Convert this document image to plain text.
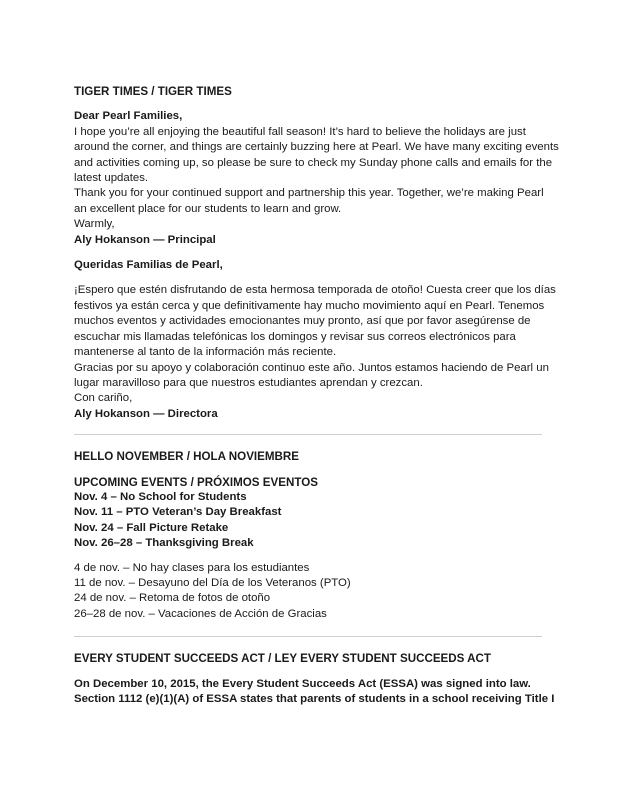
TIGER TIMES / TIGER TIMES

Dear Pearl Families,

I hope you’re all enjoying the beautiful fall season! It’s hard to believe the holidays are just

around the corner, and things are certainly buzzing here at Pearl. We have many exciting events

and activities coming up, so please be sure to check my Sunday phone calls and emails for the

latest updates.

Thank you for your continued support and partnership this year. Together, we’re making Pearl

an excellent place for our students to learn and grow.

Warmly,

Aly Hokanson — Principal

Queridas Familias de Pearl,

¡Espero que estén disfrutando de esta hermosa temporada de otoño! Cuesta creer que los días

festivos ya están cerca y que definitivamente hay mucho movimiento aquí en Pearl. Tenemos

muchos eventos y actividades emocionantes muy pronto, así que por favor asegúrense de

escuchar mis llamadas telefónicas los domingos y revisar sus correos electrónicos para

mantenerse al tanto de la información más reciente.

Gracias por su apoyo y colaboración continuo este año. Juntos estamos haciendo de Pearl un

lugar maravilloso para que nuestros estudiantes aprendan y crezcan.

Con cariño,

Aly Hokanson — Directora

HELLO NOVEMBER / HOLA NOVIEMBRE

UPCOMING EVENTS / PRÓXIMOS EVENTOS

Nov. 4 – No School for Students

Nov. 11 – PTO Veteran’s Day Breakfast

Nov. 24 – Fall Picture Retake

Nov. 26–28 – Thanksgiving Break

4 de nov. – No hay clases para los estudiantes

11 de nov. – Desayuno del Día de los Veteranos (PTO)

24 de nov. – Retoma de fotos de otoño

26–28 de nov. – Vacaciones de Acción de Gracias

EVERY STUDENT SUCCEEDS ACT / LEY EVERY STUDENT SUCCEEDS ACT

On December 10, 2015, the Every Student Succeeds Act (ESSA) was signed into law.

Section 1112 (e)(1)(A) of ESSA states that parents of students in a school receiving Title I
